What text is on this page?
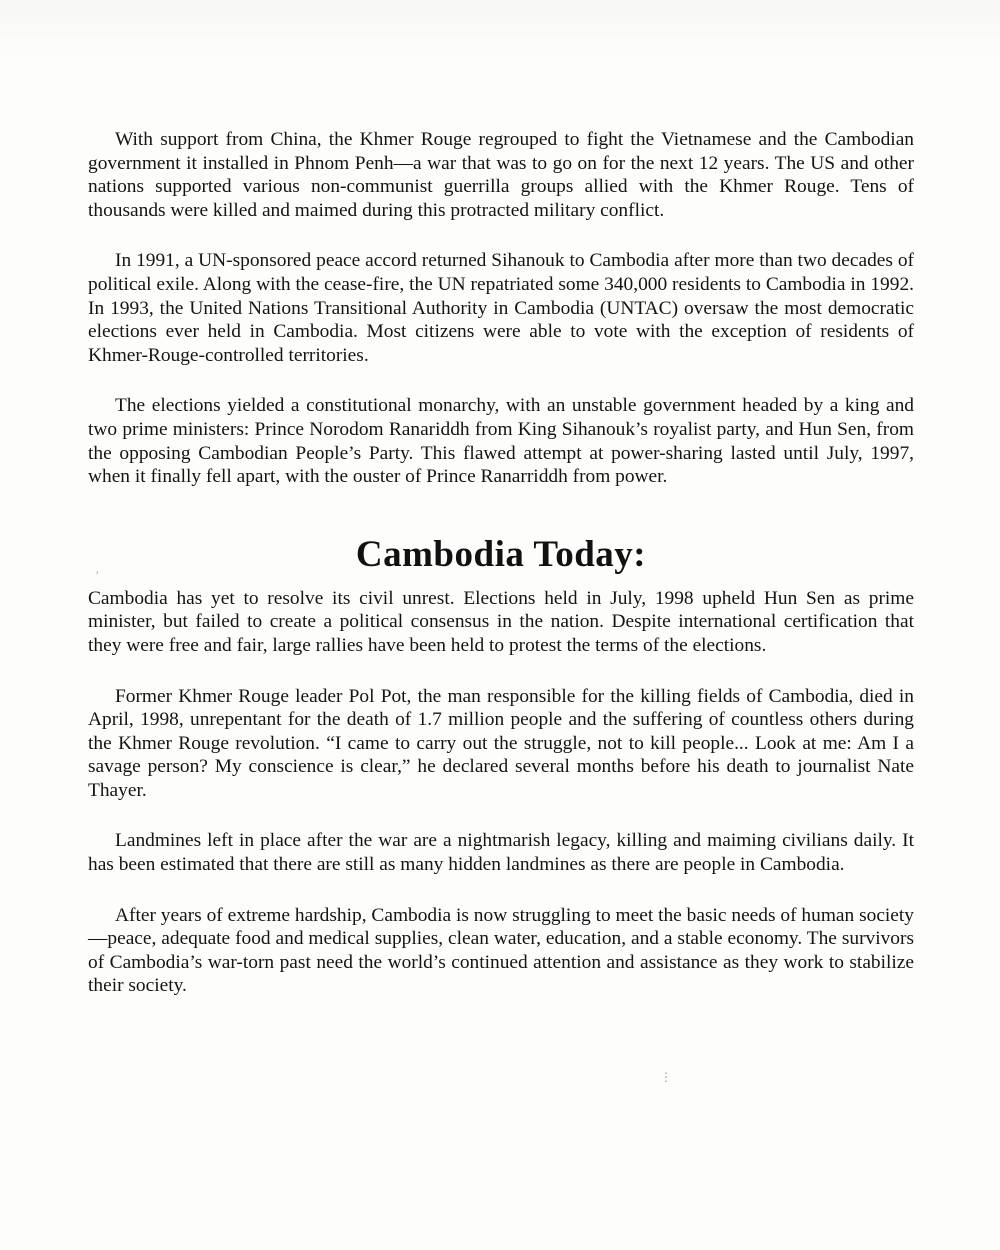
′
⋮

With support from China, the Khmer Rouge regrouped to fight the Vietnamese and the Cambodian government it installed in Phnom Penh—a war that was to go on for the next 12 years. The US and other nations supported various non-communist guerrilla groups allied with the Khmer Rouge. Tens of thousands were killed and maimed during this protracted military conflict.

In 1991, a UN-sponsored peace accord returned Sihanouk to Cambodia after more than two decades of political exile. Along with the cease-fire, the UN repatriated some 340,000 residents to Cambodia in 1992. In 1993, the United Nations Transitional Authority in Cambodia (UNTAC) oversaw the most democratic elections ever held in Cambodia. Most citizens were able to vote with the exception of residents of Khmer-Rouge-controlled territories.

The elections yielded a constitutional monarchy, with an unstable government headed by a king and two prime ministers: Prince Norodom Ranariddh from King Sihanouk’s royalist party, and Hun Sen, from the opposing Cambodian People’s Party. This flawed attempt at power-sharing lasted until July, 1997, when it finally fell apart, with the ouster of Prince Ranarriddh from power.

Cambodia Today:

Cambodia has yet to resolve its civil unrest. Elections held in July, 1998 upheld Hun Sen as prime minister, but failed to create a political consensus in the nation. Despite international certification that they were free and fair, large rallies have been held to protest the terms of the elections.

Former Khmer Rouge leader Pol Pot, the man responsible for the killing fields of Cambodia, died in April, 1998, unrepentant for the death of 1.7 million people and the suffering of countless others during the Khmer Rouge revolution. “I came to carry out the struggle, not to kill people... Look at me: Am I a savage person? My conscience is clear,” he declared several months before his death to journalist Nate Thayer.

Landmines left in place after the war are a nightmarish legacy, killing and maiming civilians daily. It has been estimated that there are still as many hidden landmines as there are people in Cambodia.

After years of extreme hardship, Cambodia is now struggling to meet the basic needs of human society—peace, adequate food and medical supplies, clean water, education, and a stable economy. The survivors of Cambodia’s war-torn past need the world’s continued attention and assistance as they work to stabilize their society.
